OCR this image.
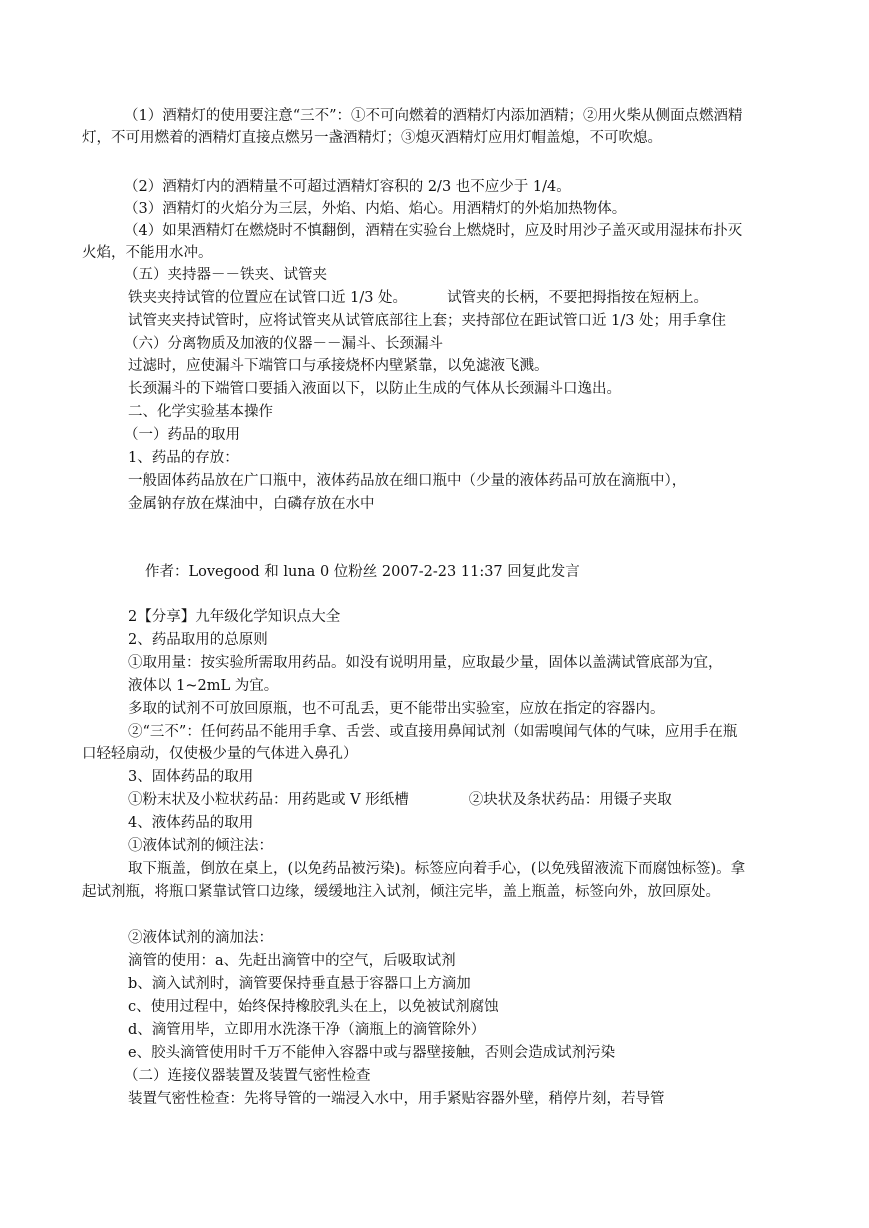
（1）酒精灯的使用要注意“三不”：①不可向燃着的酒精灯内添加酒精；②用火柴从侧面点燃酒精
灯，不可用燃着的酒精灯直接点燃另一盏酒精灯；③熄灭酒精灯应用灯帽盖熄，不可吹熄。
（2）酒精灯内的酒精量不可超过酒精灯容积的 2/3 也不应少于 1/4。
（3）酒精灯的火焰分为三层，外焰、内焰、焰心。用酒精灯的外焰加热物体。
（4）如果酒精灯在燃烧时不慎翻倒，酒精在实验台上燃烧时，应及时用沙子盖灭或用湿抹布扑灭
火焰，不能用水冲。
（五）夹持器－－铁夹、试管夹
铁夹夹持试管的位置应在试管口近 1/3 处。	试管夹的长柄，不要把拇指按在短柄上。
试管夹夹持试管时，应将试管夹从试管底部往上套；夹持部位在距试管口近 1/3 处；用手拿住
（六）分离物质及加液的仪器－－漏斗、长颈漏斗
过滤时，应使漏斗下端管口与承接烧杯内壁紧靠，以免滤液飞溅。
长颈漏斗的下端管口要插入液面以下，以防止生成的气体从长颈漏斗口逸出。
二、化学实验基本操作
（一）药品的取用
1、药品的存放：
一般固体药品放在广口瓶中，液体药品放在细口瓶中（少量的液体药品可放在滴瓶中），
金属钠存放在煤油中，白磷存放在水中
作者：Lovegood 和 luna 0 位粉丝 2007-2-23 11:37 回复此发言
2【分享】九年级化学知识点大全
2、药品取用的总原则
①取用量：按实验所需取用药品。如没有说明用量，应取最少量，固体以盖满试管底部为宜，
液体以 1~2mL 为宜。
多取的试剂不可放回原瓶，也不可乱丢，更不能带出实验室，应放在指定的容器内。
②“三不”：任何药品不能用手拿、舌尝、或直接用鼻闻试剂（如需嗅闻气体的气味，应用手在瓶
口轻轻扇动，仅使极少量的气体进入鼻孔）
3、固体药品的取用
①粉末状及小粒状药品：用药匙或 V 形纸槽	②块状及条状药品：用镊子夹取
4、液体药品的取用
①液体试剂的倾注法：
取下瓶盖，倒放在桌上，(以免药品被污染)。标签应向着手心，(以免残留液流下而腐蚀标签)。拿
起试剂瓶，将瓶口紧靠试管口边缘，缓缓地注入试剂，倾注完毕，盖上瓶盖，标签向外，放回原处。
②液体试剂的滴加法：
滴管的使用：a、先赶出滴管中的空气，后吸取试剂
b、滴入试剂时，滴管要保持垂直悬于容器口上方滴加
c、使用过程中，始终保持橡胶乳头在上，以免被试剂腐蚀
d、滴管用毕，立即用水洗涤干净（滴瓶上的滴管除外）
e、胶头滴管使用时千万不能伸入容器中或与器壁接触，否则会造成试剂污染
（二）连接仪器装置及装置气密性检查
装置气密性检查：先将导管的一端浸入水中，用手紧贴容器外壁，稍停片刻，若导管
